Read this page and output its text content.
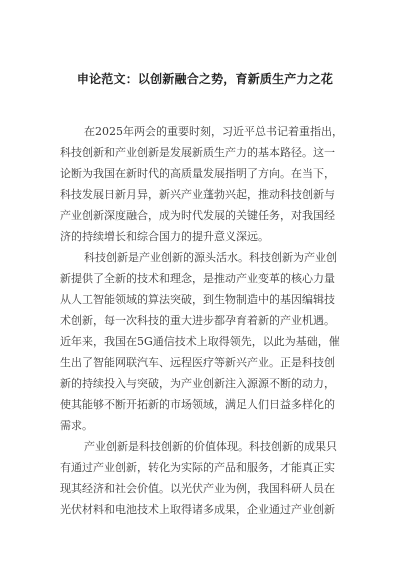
申论范文：以创新融合之势，育新质生产力之花
在2025年两会的重要时刻，习近平总书记着重指出，
科技创新和产业创新是发展新质生产力的基本路径。这一
论断为我国在新时代的高质量发展指明了方向。在当下，
科技发展日新月异，新兴产业蓬勃兴起，推动科技创新与
产业创新深度融合，成为时代发展的关键任务，对我国经
济的持续增长和综合国力的提升意义深远。
科技创新是产业创新的源头活水。科技创新为产业创
新提供了全新的技术和理念，是推动产业变革的核心力量
从人工智能领域的算法突破，到生物制造中的基因编辑技
术创新，每一次科技的重大进步都孕育着新的产业机遇。
近年来，我国在5G通信技术上取得领先，以此为基础，催
生出了智能网联汽车、远程医疗等新兴产业。正是科技创
新的持续投入与突破，为产业创新注入源源不断的动力，
使其能够不断开拓新的市场领域，满足人们日益多样化的
需求。
产业创新是科技创新的价值体现。科技创新的成果只
有通过产业创新，转化为实际的产品和服务，才能真正实
现其经济和社会价值。以光伏产业为例，我国科研人员在
光伏材料和电池技术上取得诸多成果，企业通过产业创新
